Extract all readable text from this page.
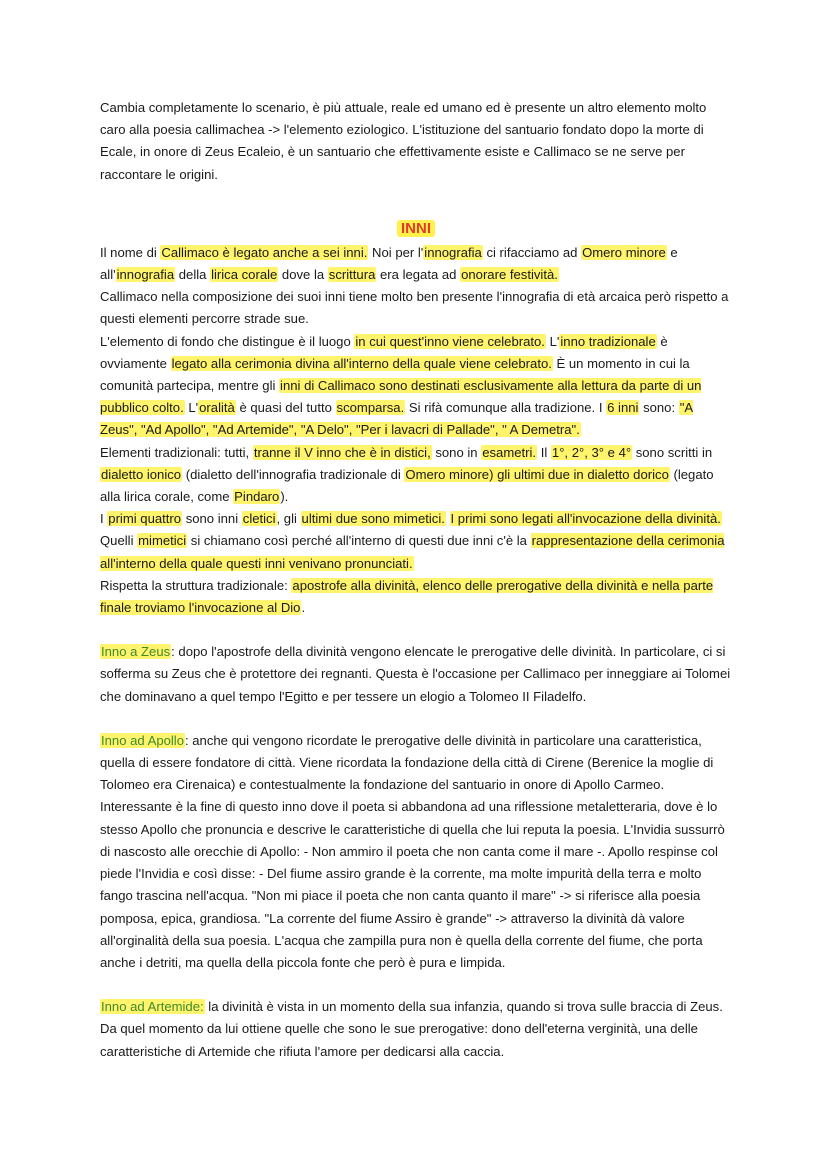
Cambia completamente lo scenario, è più attuale, reale ed umano ed è presente un altro elemento molto caro alla poesia callimachea -> l'elemento eziologico. L'istituzione del santuario fondato dopo la morte di Ecale, in onore di Zeus Ecaleio, è un santuario che effettivamente esiste e Callimaco se ne serve per raccontare le origini.

INNI

Il nome di Callimaco è legato anche a sei inni. Noi per l'innografia ci rifacciamo ad Omero minore e all'innografia della lirica corale dove la scrittura era legata ad onorare festività.

Callimaco nella composizione dei suoi inni tiene molto ben presente l'innografia di età arcaica però rispetto a questi elementi percorre strade sue.

L'elemento di fondo che distingue è il luogo in cui quest'inno viene celebrato. L'inno tradizionale è ovviamente legato alla cerimonia divina all'interno della quale viene celebrato. È un momento in cui la comunità partecipa, mentre gli inni di Callimaco sono destinati esclusivamente alla lettura da parte di un pubblico colto. L'oralità è quasi del tutto scomparsa. Si rifà comunque alla tradizione. I 6 inni sono: "A Zeus", "Ad Apollo", "Ad Artemide", "A Delo", "Per i lavacri di Pallade", " A Demetra".

Elementi tradizionali: tutti, tranne il V inno che è in distici, sono in esametri. Il 1°, 2°, 3° e 4° sono scritti in dialetto ionico (dialetto dell'innografia tradizionale di Omero minore) gli ultimi due in dialetto dorico (legato alla lirica corale, come Pindaro).

I primi quattro sono inni cletici, gli ultimi due sono mimetici. I primi sono legati all'invocazione della divinità. Quelli mimetici si chiamano così perché all'interno di questi due inni c'è la rappresentazione della cerimonia all'interno della quale questi inni venivano pronunciati.

Rispetta la struttura tradizionale: apostrofe alla divinità, elenco delle prerogative della divinità e nella parte finale troviamo l'invocazione al Dio.

Inno a Zeus: dopo l'apostrofe della divinità vengono elencate le prerogative delle divinità. In particolare, ci si sofferma su Zeus che è protettore dei regnanti. Questa è l'occasione per Callimaco per inneggiare ai Tolomei che dominavano a quel tempo l'Egitto e per tessere un elogio a Tolomeo II Filadelfo.

Inno ad Apollo: anche qui vengono ricordate le prerogative delle divinità in particolare una caratteristica, quella di essere fondatore di città. Viene ricordata la fondazione della città di Cirene (Berenice la moglie di Tolomeo era Cirenaica) e contestualmente la fondazione del santuario in onore di Apollo Carmeo. Interessante è la fine di questo inno dove il poeta si abbandona ad una riflessione metaletteraria, dove è lo stesso Apollo che pronuncia e descrive le caratteristiche di quella che lui reputa la poesia. L'Invidia sussurrò di nascosto alle orecchie di Apollo: - Non ammiro il poeta che non canta come il mare -. Apollo respinse col piede l'Invidia e così disse: - Del fiume assiro grande è la corrente, ma molte impurità della terra e molto fango trascina nell'acqua. "Non mi piace il poeta che non canta quanto il mare" -> si riferisce alla poesia pomposa, epica, grandiosa. "La corrente del fiume Assiro è grande" -> attraverso la divinità dà valore all'orginalità della sua poesia. L'acqua che zampilla pura non è quella della corrente del fiume, che porta anche i detriti, ma quella della piccola fonte che però è pura e limpida.

Inno ad Artemide: la divinità è vista in un momento della sua infanzia, quando si trova sulle braccia di Zeus. Da quel momento da lui ottiene quelle che sono le sue prerogative: dono dell'eterna verginità, una delle caratteristiche di Artemide che rifiuta l'amore per dedicarsi alla caccia.
